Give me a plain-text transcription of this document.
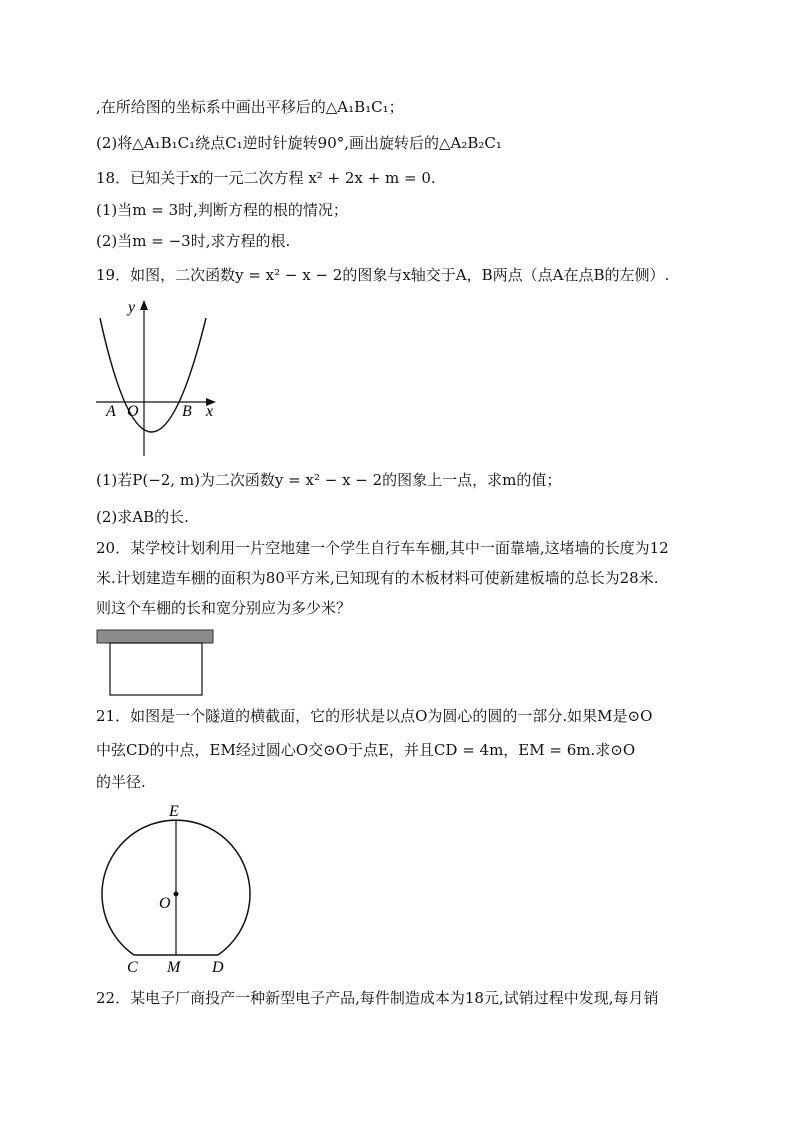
,在所给图的坐标系中画出平移后的△A₁B₁C₁；
(2)将△A₁B₁C₁绕点C₁逆时针旋转90°,画出旋转后的△A₂B₂C₁
18．已知关于x的一元二次方程 x² + 2x + m = 0.
(1)当m = 3时,判断方程的根的情况；
(2)当m = −3时,求方程的根.
19．如图，二次函数y = x² − x − 2的图象与x轴交于A，B两点（点A在点B的左侧）.
y
x
A O	B
(1)若P(−2, m)为二次函数y = x² − x − 2的图象上一点，求m的值；
(2)求AB的长.
20．某学校计划利用一片空地建一个学生自行车车棚,其中一面靠墙,这堵墙的长度为12
米.计划建造车棚的面积为80平方米,已知现有的木板材料可使新建板墙的总长为28米.
则这个车棚的长和宽分别应为多少米？
21．如图是一个隧道的横截面，它的形状是以点O为圆心的圆的一部分.如果M是⊙O
中弦CD的中点，EM经过圆心O交⊙O于点E，并且CD = 4m，EM = 6m.求⊙O
的半径.
E
O
C M D
22．某电子厂商投产一种新型电子产品,每件制造成本为18元,试销过程中发现,每月销
